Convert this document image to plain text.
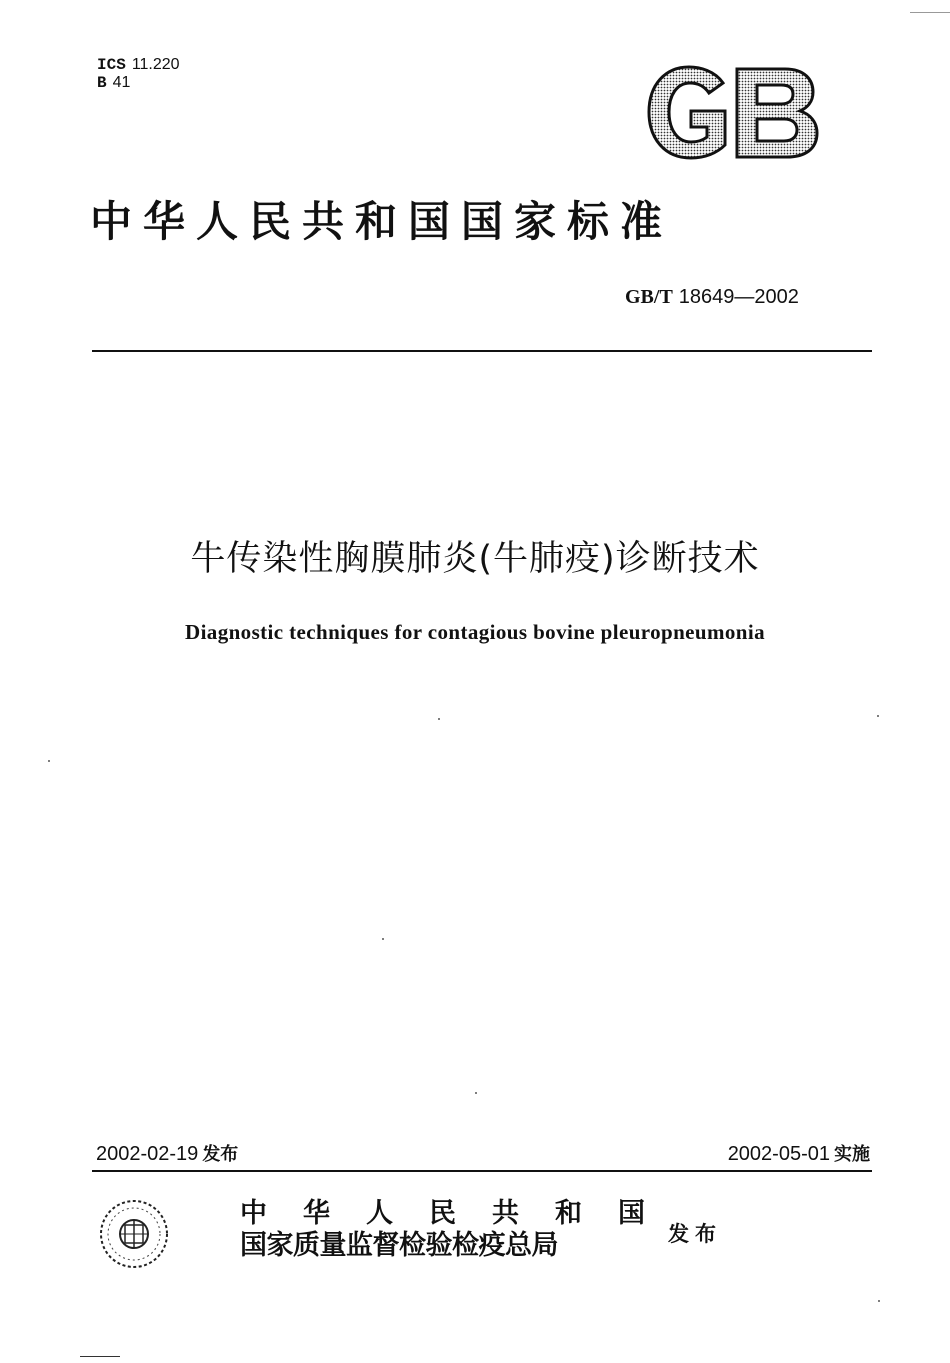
ICS 11.220
B 41
中华人民共和国国家标准
GB/T 18649—2002
牛传染性胸膜肺炎(牛肺疫)诊断技术
Diagnostic techniques for contagious bovine pleuropneumonia
2002-02-19 发布	2002-05-01 实施
中华人民共和国
国家质量监督检验检疫总局	发布
